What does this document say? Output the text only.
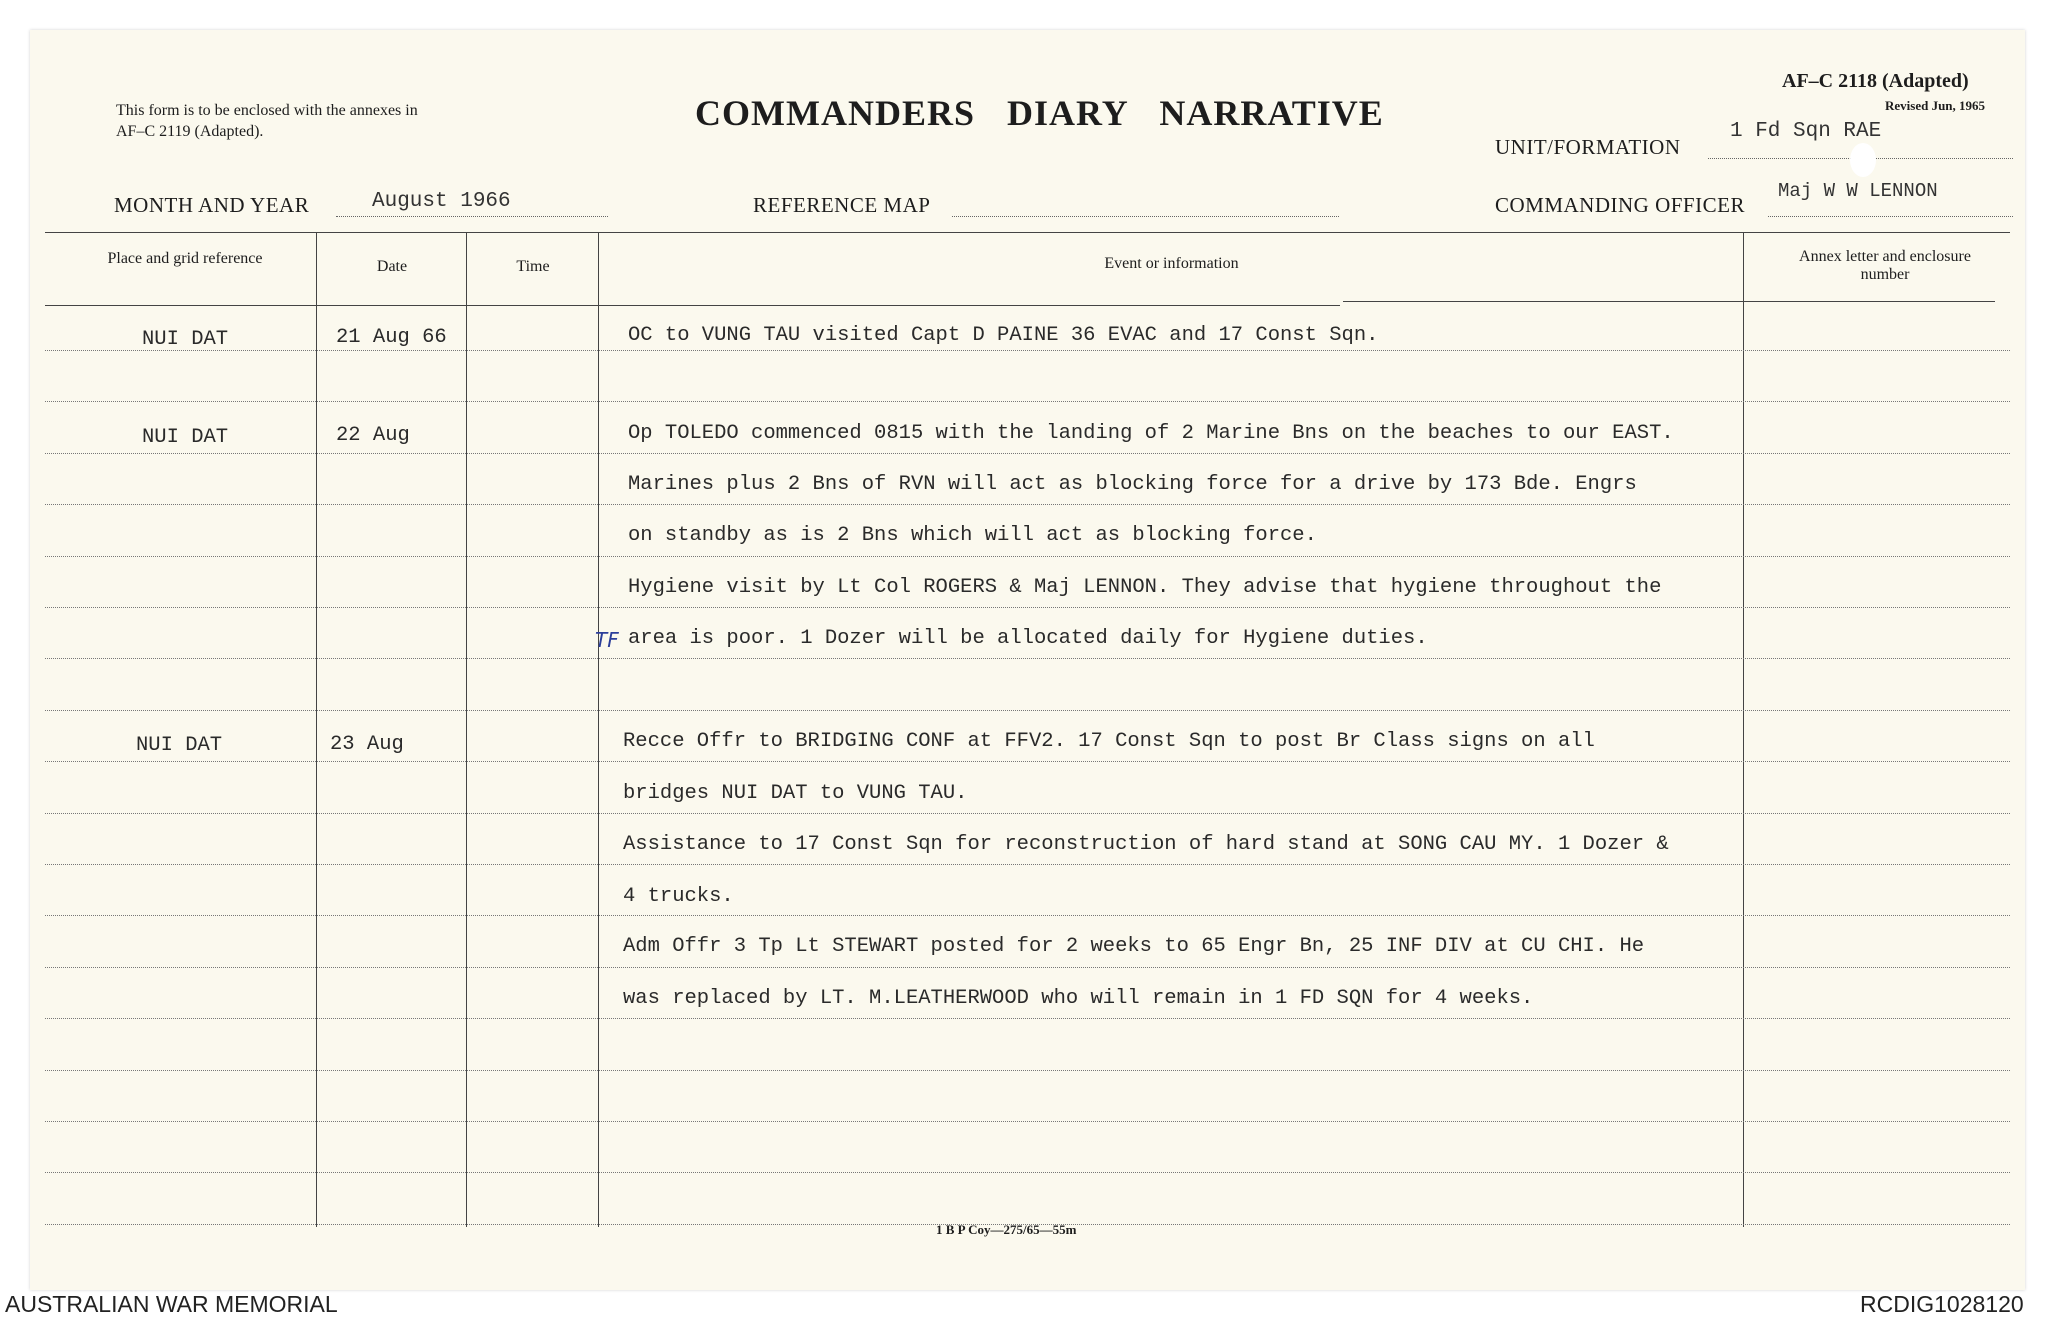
This form is to be enclosed with the annexes in AF–C 2119 (Adapted).	COMMANDERS DIARY NARRATIVE
AF–C 2118 (Adapted)
Revised Jun, 1965
UNIT/FORMATION
1 Fd Sqn RAE
MONTH AND YEAR	August 1966	REFERENCE MAP	COMMANDING OFFICER
Maj W W LENNON
Place and grid reference	Date	Time	Event or information	Annex letter and enclosure number
NUI DAT	21 Aug 66	OC to VUNG TAU visited Capt D PAINE 36 EVAC and 17 Const Sqn.
NUI DAT	22 Aug	Op TOLEDO commenced 0815 with the landing of 2 Marine Bns on the beaches to our EAST.
Marines plus 2 Bns of RVN will act as blocking force for a drive by 173 Bde. Engrs
on standby as is 2 Bns which will act as blocking force.
Hygiene visit by Lt Col ROGERS & Maj LENNON. They advise that hygiene throughout the
area is poor. 1 Dozer will be allocated daily for Hygiene duties.
TF
NUI DAT	23 Aug	Recce Offr to BRIDGING CONF at FFV2. 17 Const Sqn to post Br Class signs on all
bridges NUI DAT to VUNG TAU.
Assistance to 17 Const Sqn for reconstruction of hard stand at SONG CAU MY. 1 Dozer &
4 trucks.
Adm Offr 3 Tp Lt STEWART posted for 2 weeks to 65 Engr Bn, 25 INF DIV at CU CHI. He
was replaced by LT. M.LEATHERWOOD who will remain in 1 FD SQN for 4 weeks.
1 B P Coy—275/65—55m
AUSTRALIAN WAR MEMORIAL	RCDIG1028120
